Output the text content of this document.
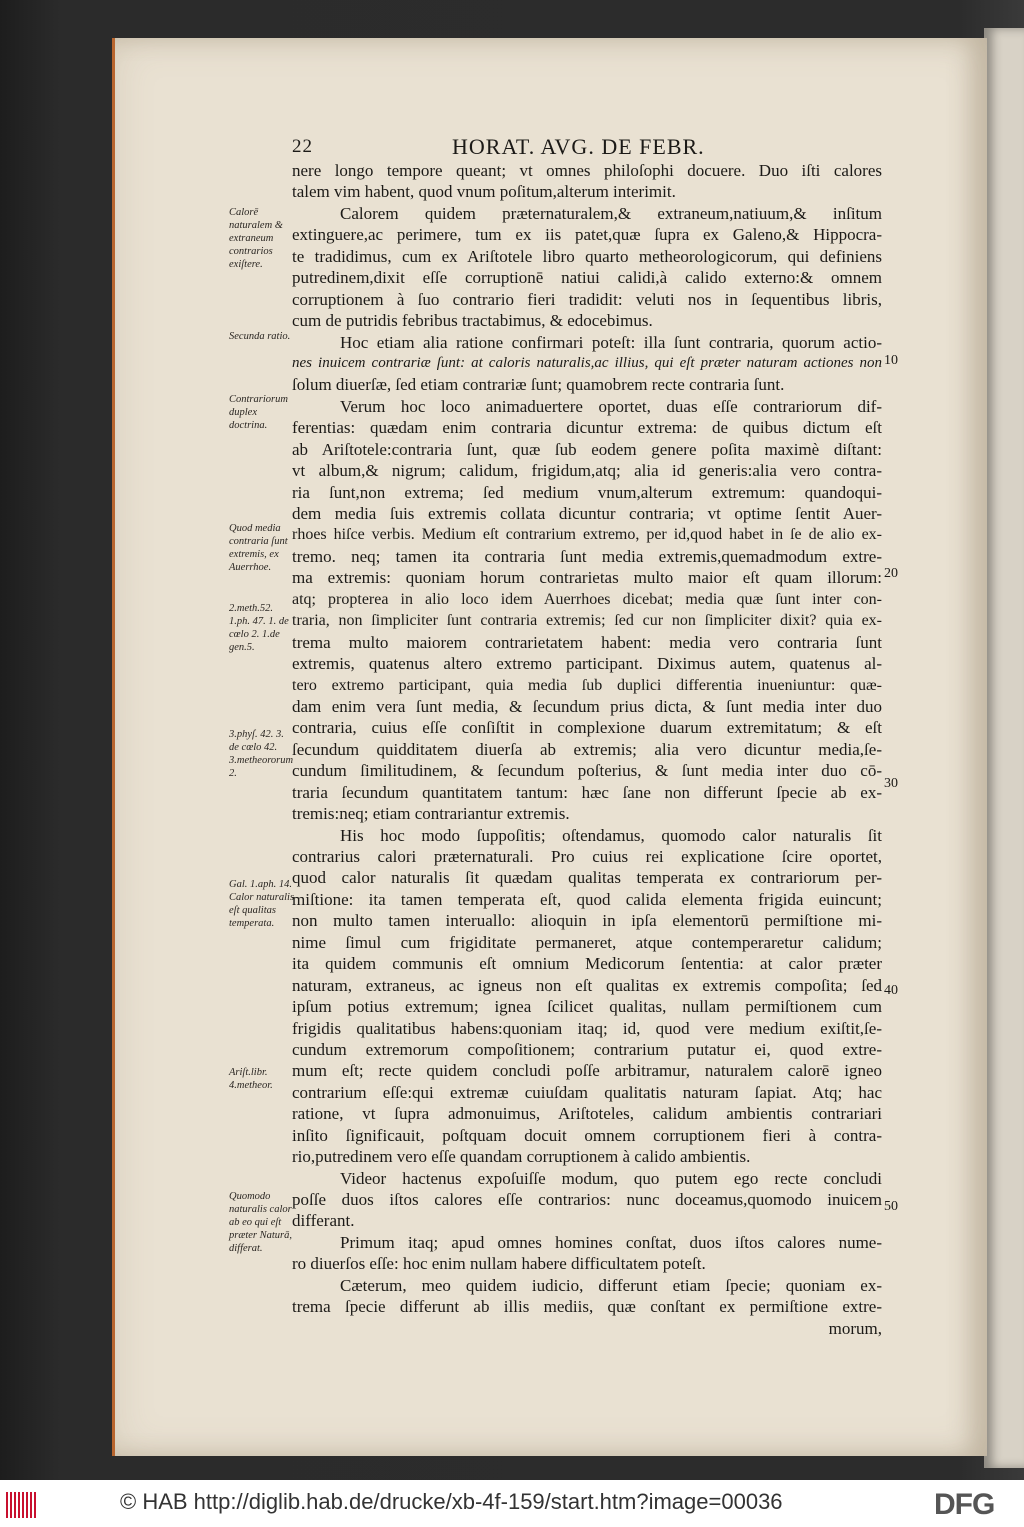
22	HORAT. AVG. DE FEBR.
nere longo tempore queant; vt omnes philoſophi docuere. Duo iſti calores
talem vim habent, quod vnum poſitum,alterum interimit.
Calorem quidem præternaturalem,& extraneum,natiuum,& inſitum
extinguere,ac perimere, tum ex iis patet,quæ ſupra ex Galeno,& Hippocra-
te tradidimus, cum ex Ariſtotele libro quarto metheorologicorum, qui definiens
putredinem,dixit eſſe corruptionē natiui calidi,à calido externo:& omnem
corruptionem à ſuo contrario fieri tradidit: veluti nos in ſequentibus libris,
cum de putridis febribus tractabimus, & edocebimus.
Hoc etiam alia ratione confirmari poteſt: illa ſunt contraria, quorum actio-
nes inuicem contrariæ ſunt: at caloris naturalis,ac illius, qui eſt præter naturam actiones non
ſolum diuerſæ, ſed etiam contrariæ ſunt; quamobrem recte contraria ſunt.
Verum hoc loco animaduertere oportet, duas eſſe contrariorum dif-
ferentias: quædam enim contraria dicuntur extrema: de quibus dictum eſt
ab Ariſtotele:contraria ſunt, quæ ſub eodem genere poſita maximè diſtant:
vt album,& nigrum; calidum, frigidum,atq; alia id generis:alia vero contra-
ria ſunt,non extrema; ſed medium vnum,alterum extremum: quandoqui-
dem media ſuis extremis collata dicuntur contraria; vt optime ſentit Auer-
rhoes hiſce verbis. Medium eſt contrarium extremo, per id,quod habet in ſe de alio ex-
tremo. neq; tamen ita contraria ſunt media extremis,quemadmodum extre-
ma extremis: quoniam horum contrarietas multo maior eſt quam illorum:
atq; propterea in alio loco idem Auerrhoes dicebat; media quæ ſunt inter con-
traria, non ſimpliciter ſunt contraria extremis; ſed cur non ſimpliciter dixit? quia ex-
trema multo maiorem contrarietatem habent: media vero contraria ſunt
extremis, quatenus altero extremo participant. Diximus autem, quatenus al-
tero extremo participant, quia media ſub duplici differentia inueniuntur: quæ-
dam enim vera ſunt media, & ſecundum prius dicta, & ſunt media inter duo
contraria, cuius eſſe conſiſtit in complexione duarum extremitatum; & eſt
ſecundum quidditatem diuerſa ab extremis; alia vero dicuntur media,ſe-
cundum ſimilitudinem, & ſecundum poſterius, & ſunt media inter duo cō-
traria ſecundum quantitatem tantum: hæc ſane non differunt ſpecie ab ex-
tremis:neq; etiam contrariantur extremis.
His hoc modo ſuppoſitis; oſtendamus, quomodo calor naturalis ſit
contrarius calori præternaturali. Pro cuius rei explicatione ſcire oportet,
quod calor naturalis ſit quædam qualitas temperata ex contrariorum per-
miſtione: ita tamen temperata eſt, quod calida elementa frigida euincunt;
non multo tamen interuallo: alioquin in ipſa elementorū permiſtione mi-
nime ſimul cum frigiditate permaneret, atque contemperaretur calidum;
ita quidem communis eſt omnium Medicorum ſententia: at calor præter
naturam, extraneus, ac igneus non eſt qualitas ex extremis compoſita; ſed
ipſum potius extremum; ignea ſcilicet qualitas, nullam permiſtionem cum
frigidis qualitatibus habens:quoniam itaq; id, quod vere medium exiſtit,ſe-
cundum extremorum compoſitionem; contrarium putatur ei, quod extre-
mum eſt; recte quidem concludi poſſe arbitramur, naturalem calorē igneo
contrarium eſſe:qui extremæ cuiuſdam qualitatis naturam ſapiat. Atq; hac
ratione, vt ſupra admonuimus, Ariſtoteles, calidum ambientis contrariari
inſito ſignificauit, poſtquam docuit omnem corruptionem fieri à contra-
rio,putredinem vero eſſe quandam corruptionem à calido ambientis.
Videor hactenus expoſuiſſe modum, quo putem ego recte concludi
poſſe duos iſtos calores eſſe contrarios: nunc doceamus,quomodo inuicem
differant.
Primum itaq; apud omnes homines conſtat, duos iſtos calores nume-
ro diuerſos eſſe: hoc enim nullam habere difficultatem poteſt.
Cæterum, meo quidem iudicio, differunt etiam ſpecie; quoniam ex-
trema ſpecie differunt ab illis mediis, quæ conſtant ex permiſtione extre-
morum,
Calorē naturalem & extraneum contrarios exiſtere.
Secunda ratio.
Contrariorum duplex doctrina.
Quod media contraria ſunt extremis, ex Auerrhoe.
2.meth.52. 1.ph. 47. 1. de cœlo 2. 1.de gen.5.
3.phyſ. 42. 3. de cœlo 42. 3.metheororum 2.
Gal. 1.aph. 14. Calor naturalis eſt qualitas temperata.
Ariſt.libr. 4.metheor.
Quomodo naturalis calor ab eo qui eſt præter Naturā, differat.
10
20
30
40
50
© HAB http://diglib.hab.de/drucke/xb-4f-159/start.htm?image=00036	DFG
